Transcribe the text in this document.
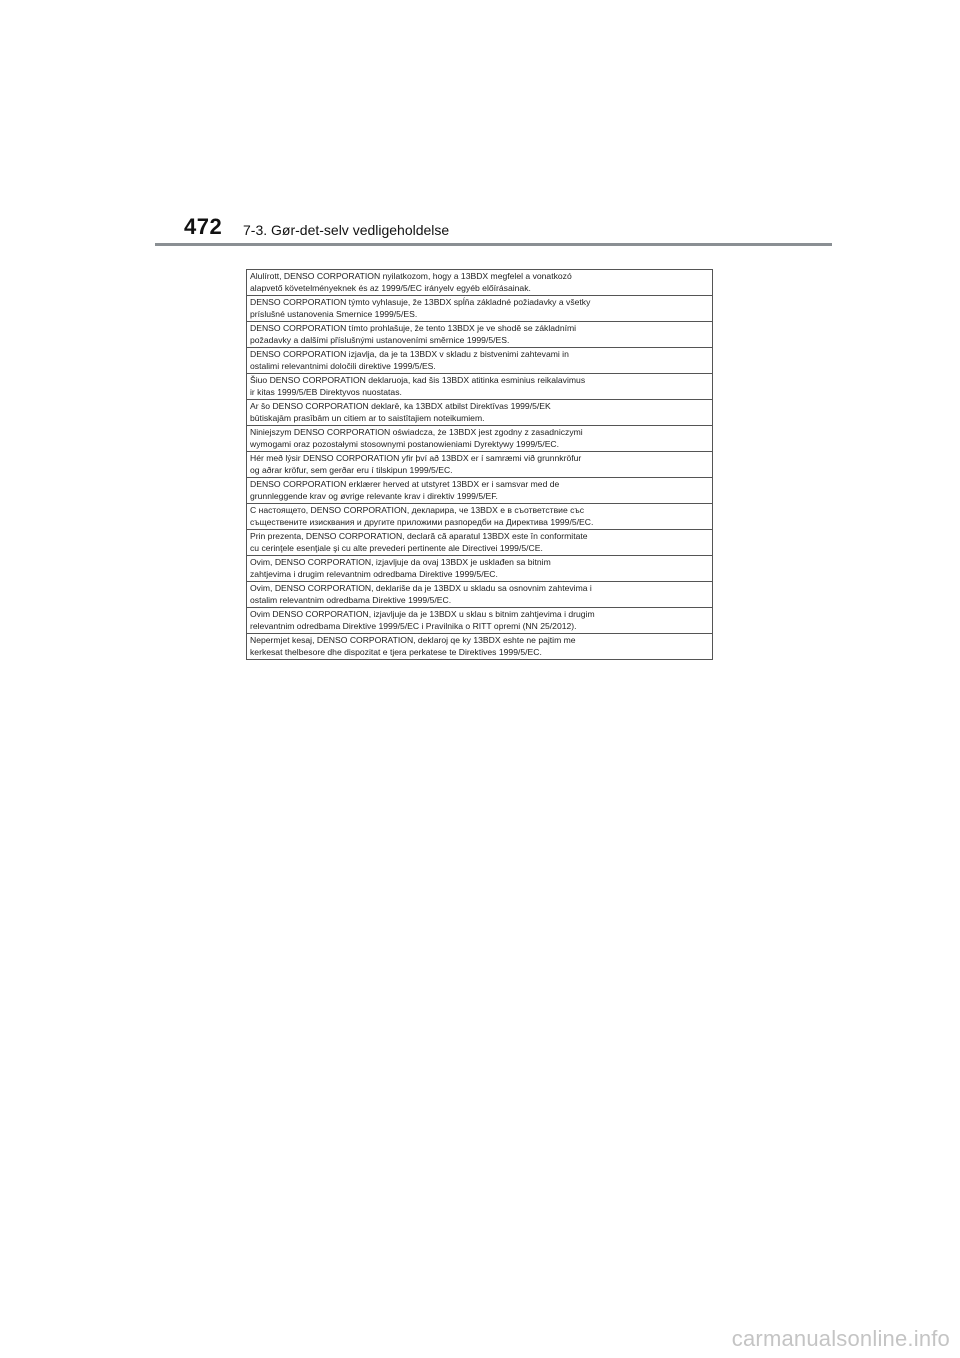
472 7-3. Gør-det-selv vedligeholdelse
Alulírott, DENSO CORPORATION nyilatkozom, hogy a 13BDX megfelel a vonatkozó
alapvető követelményeknek és az 1999/5/EC irányelv egyéb előírásainak.
DENSO CORPORATION týmto vyhlasuje, že 13BDX spĺňa základné požiadavky a všetky
príslušné ustanovenia Smernice 1999/5/ES.
DENSO CORPORATION tímto prohlašuje, že tento 13BDX je ve shodě se základními
požadavky a dalšími příslušnými ustanoveními směrnice 1999/5/ES.
DENSO CORPORATION izjavlja, da je ta 13BDX v skladu z bistvenimi zahtevami in
ostalimi relevantnimi določili direktive 1999/5/ES.
Šiuo DENSO CORPORATION deklaruoja, kad šis 13BDX atitinka esminius reikalavimus
ir kitas 1999/5/EB Direktyvos nuostatas.
Ar šo DENSO CORPORATION deklarē, ka 13BDX atbilst Direktīvas 1999/5/EK
būtiskajām prasībām un citiem ar to saistītajiem noteikumiem.
Niniejszym DENSO CORPORATION oświadcza, że 13BDX jest zgodny z zasadniczymi
wymogami oraz pozostałymi stosownymi postanowieniami Dyrektywy 1999/5/EC.
Hér með lýsir DENSO CORPORATION yfir því að 13BDX er í samræmi við grunnkröfur
og aðrar kröfur, sem gerðar eru í tilskipun 1999/5/EC.
DENSO CORPORATION erklærer herved at utstyret 13BDX er i samsvar med de
grunnleggende krav og øvrige relevante krav i direktiv 1999/5/EF.
С настоящето, DENSO CORPORATION, декларира, че 13BDX е в съответствие със
съществените изисквания и другите приложими разпоредби на Директива 1999/5/EC.
Prin prezenta, DENSO CORPORATION, declară că aparatul 13BDX este în conformitate
cu cerinţele esenţiale şi cu alte prevederi pertinente ale Directivei 1999/5/CE.
Ovim, DENSO CORPORATION, izjavljuje da ovaj 13BDX je usklađen sa bitnim
zahtjevima i drugim relevantnim odredbama Direktive 1999/5/EC.
Ovim, DENSO CORPORATION, deklariše da je 13BDX u skladu sa osnovnim zahtevima i
ostalim relevantnim odredbama Direktive 1999/5/EC.
Ovim DENSO CORPORATION, izjavljuje da je 13BDX u sklau s bitnim zahtjevima i drugim
relevantnim odredbama Direktive 1999/5/EC i Pravilnika o RITT opremi (NN 25/2012).
Nepermjet kesaj, DENSO CORPORATION, deklaroj qe ky 13BDX eshte ne pajtim me
kerkesat thelbesore dhe dispozitat e tjera perkatese te Direktives 1999/5/EC.
carmanualsonline.info
